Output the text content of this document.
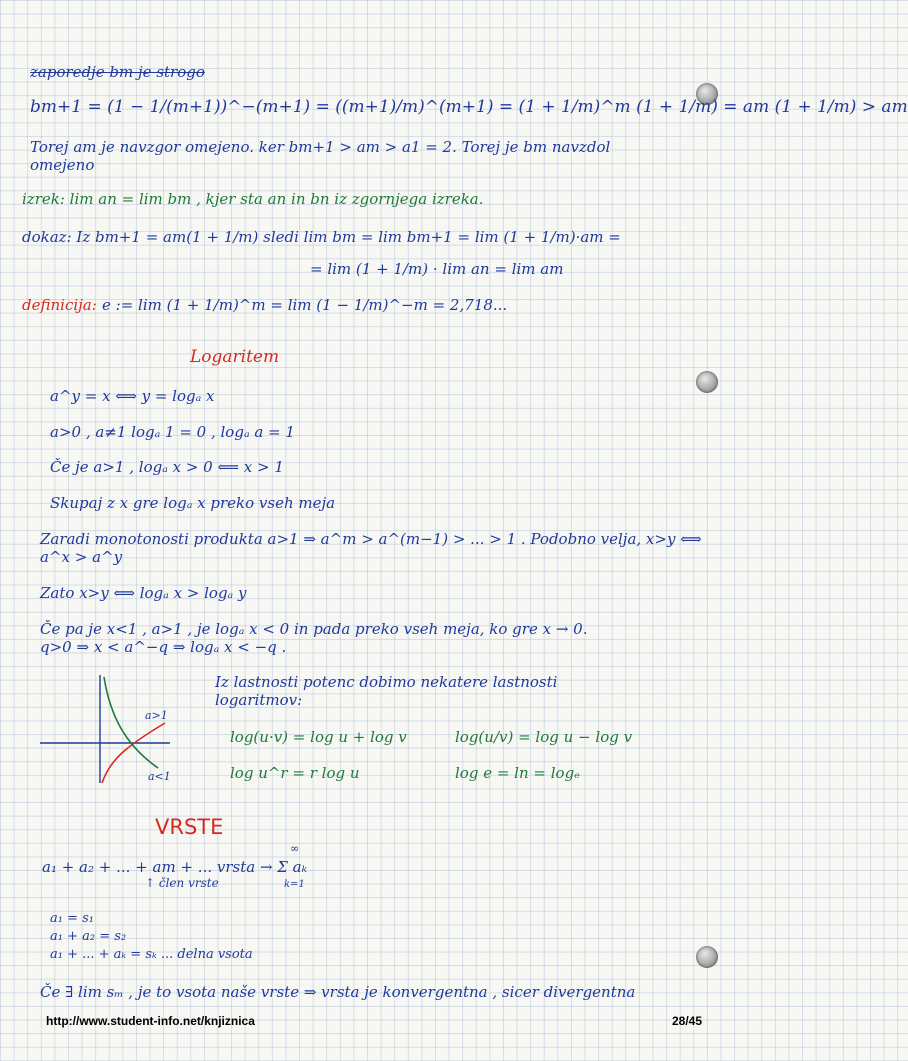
zaporedje bm je strogo
bm+1 = (1 − 1/(m+1))^−(m+1) = ((m+1)/m)^(m+1) = (1 + 1/m)^m (1 + 1/m) = am (1 + 1/m) > am
Torej am je navzgor omejeno. ker bm+1 > am > a1 = 2. Torej je bm navzdol
omejeno
izrek: lim an = lim bm , kjer sta an in bn iz zgornjega izreka.
dokaz: Iz bm+1 = am(1 + 1/m) sledi lim bm = lim bm+1 = lim (1 + 1/m)·am =
= lim (1 + 1/m) · lim an = lim am
definicija: e := lim (1 + 1/m)^m = lim (1 − 1/m)^−m = 2,718...
Logaritem
a^y = x ⟺ y = logₐ x
a>0 , a≠1 logₐ 1 = 0 , logₐ a = 1
Če je a>1 , logₐ x > 0 ⟸ x > 1
Skupaj z x gre logₐ x preko vseh meja
Zaradi monotonosti produkta a>1 ⇒ a^m > a^(m−1) > ... > 1 . Podobno velja, x>y ⟺
a^x > a^y
Zato x>y ⟺ logₐ x > logₐ y
Če pa je x<1 , a>1 , je logₐ x < 0 in pada preko vseh meja, ko gre x → 0.
q>0 ⇒ x < a^−q ⇒ logₐ x < −q .
a>1
a<1
Iz lastnosti potenc dobimo nekatere lastnosti
logaritmov:
log(u·v) = log u + log v	log(u/v) = log u − log v
log u^r = r log u	log e = ln = logₑ
VRSTE
a₁ + a₂ + ... + am + ... vrsta → Σ aₖ
∞
k=1
↑ člen vrste
a₁ = s₁
a₁ + a₂ = s₂
a₁ + ... + aₖ = sₖ ... delna vsota
Če ∃ lim sₘ , je to vsota naše vrste ⇒ vrsta je konvergentna , sicer divergentna
http://www.student-info.net/knjiznica	28/45
